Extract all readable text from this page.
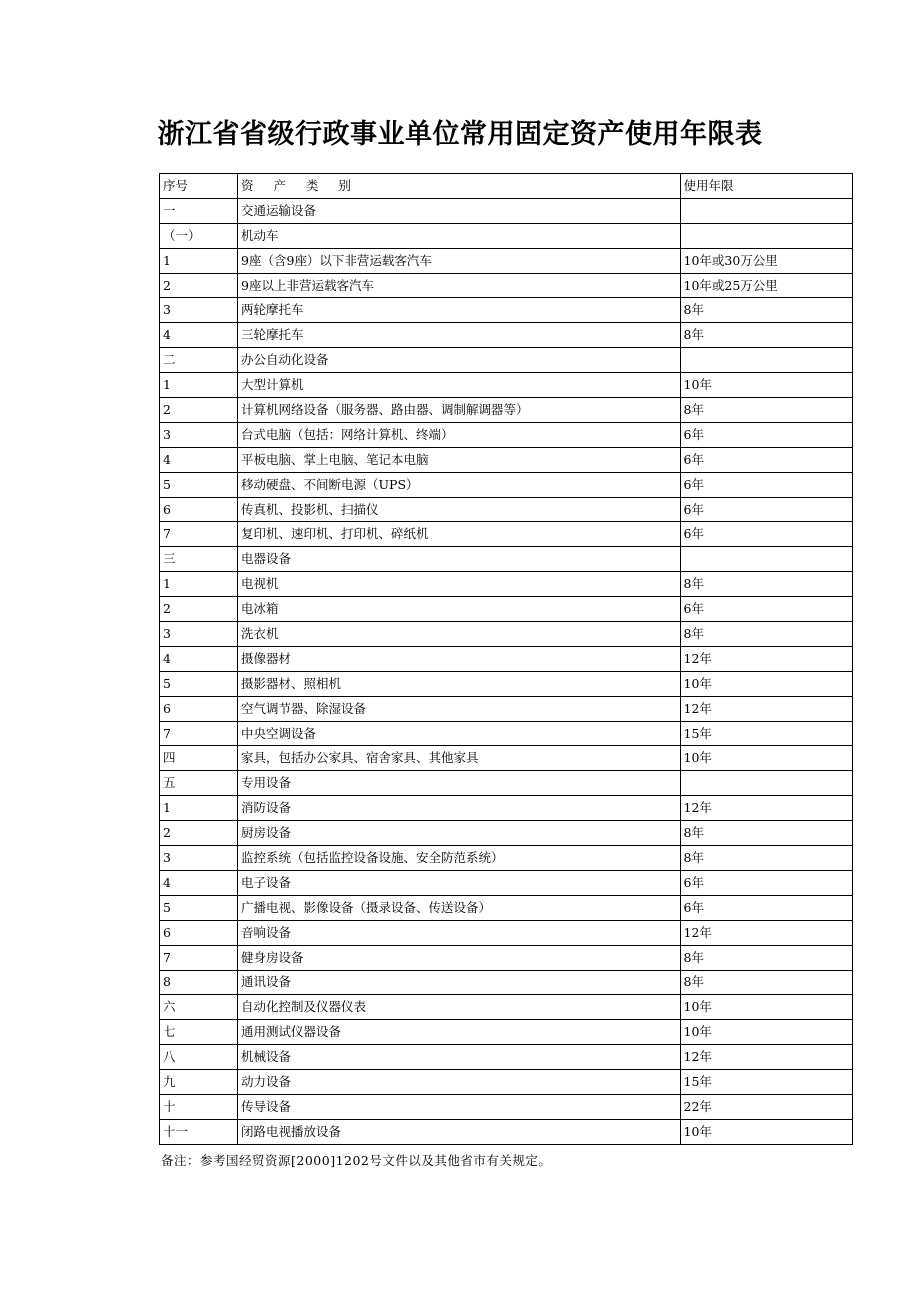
浙江省省级行政事业单位常用固定资产使用年限表
序号	资 产 类 别	使用年限
一	交通运输设备	
（一）	机动车	
1	9座（含9座）以下非营运载客汽车	10年或30万公里
2	9座以上非营运载客汽车	10年或25万公里
3	两轮摩托车	8年
4	三轮摩托车	8年
二	办公自动化设备	
1	大型计算机	10年
2	计算机网络设备（服务器、路由器、调制解调器等）	8年
3	台式电脑（包括：网络计算机、终端）	6年
4	平板电脑、掌上电脑、笔记本电脑	6年
5	移动硬盘、不间断电源（UPS）	6年
6	传真机、投影机、扫描仪	6年
7	复印机、速印机、打印机、碎纸机	6年
三	电器设备	
1	电视机	8年
2	电冰箱	6年
3	洗衣机	8年
4	摄像器材	12年
5	摄影器材、照相机	10年
6	空气调节器、除湿设备	12年
7	中央空调设备	15年
四	家具，包括办公家具、宿舍家具、其他家具	10年
五	专用设备	
1	消防设备	12年
2	厨房设备	8年
3	监控系统（包括监控设备设施、安全防范系统）	8年
4	电子设备	6年
5	广播电视、影像设备（摄录设备、传送设备）	6年
6	音响设备	12年
7	健身房设备	8年
8	通讯设备	8年
六	自动化控制及仪器仪表	10年
七	通用测试仪器设备	10年
八	机械设备	12年
九	动力设备	15年
十	传导设备	22年
十一	闭路电视播放设备	10年
备注：参考国经贸资源[2000]1202号文件以及其他省市有关规定。
